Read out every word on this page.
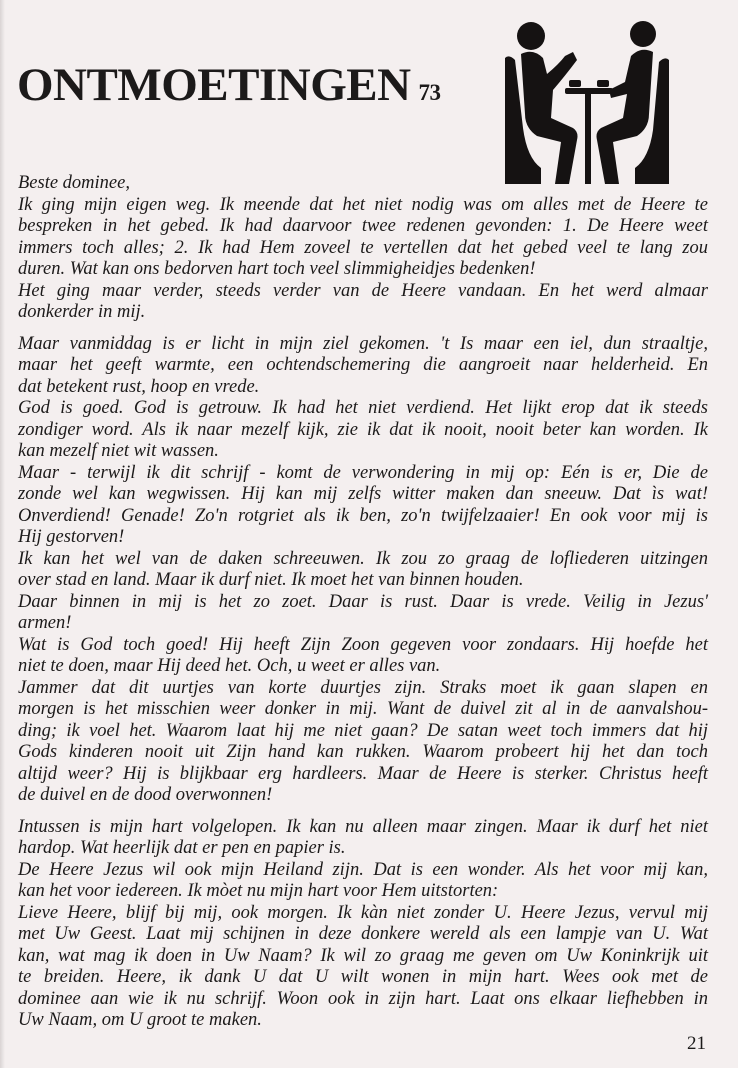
ONTMOETINGEN 73
Beste dominee,
Ik ging mijn eigen weg. Ik meende dat het niet nodig was om alles met de Heere te
bespreken in het gebed. Ik had daarvoor twee redenen gevonden: 1. De Heere weet
immers toch alles; 2. Ik had Hem zoveel te vertellen dat het gebed veel te lang zou
duren. Wat kan ons bedorven hart toch veel slimmigheidjes bedenken!
Het ging maar verder, steeds verder van de Heere vandaan. En het werd almaar
donkerder in mij.
Maar vanmiddag is er licht in mijn ziel gekomen. 't Is maar een iel, dun straaltje,
maar het geeft warmte, een ochtendschemering die aangroeit naar helderheid. En
dat betekent rust, hoop en vrede.
God is goed. God is getrouw. Ik had het niet verdiend. Het lijkt erop dat ik steeds
zondiger word. Als ik naar mezelf kijk, zie ik dat ik nooit, nooit beter kan worden. Ik
kan mezelf niet wit wassen.
Maar - terwijl ik dit schrijf - komt de verwondering in mij op: Eén is er, Die de
zonde wel kan wegwissen. Hij kan mij zelfs witter maken dan sneeuw. Dat ìs wat!
Onverdiend! Genade! Zo'n rotgriet als ik ben, zo'n twijfelzaaier! En ook voor mij is
Hij gestorven!
Ik kan het wel van de daken schreeuwen. Ik zou zo graag de lofliederen uitzingen
over stad en land. Maar ik durf niet. Ik moet het van binnen houden.
Daar binnen in mij is het zo zoet. Daar is rust. Daar is vrede. Veilig in Jezus'
armen!
Wat is God toch goed! Hij heeft Zijn Zoon gegeven voor zondaars. Hij hoefde het
niet te doen, maar Hij deed het. Och, u weet er alles van.
Jammer dat dit uurtjes van korte duurtjes zijn. Straks moet ik gaan slapen en
morgen is het misschien weer donker in mij. Want de duivel zit al in de aanvalshou-
ding; ik voel het. Waarom laat hij me niet gaan? De satan weet toch immers dat hij
Gods kinderen nooit uit Zijn hand kan rukken. Waarom probeert hij het dan toch
altijd weer? Hij is blijkbaar erg hardleers. Maar de Heere is sterker. Christus heeft
de duivel en de dood overwonnen!
Intussen is mijn hart volgelopen. Ik kan nu alleen maar zingen. Maar ik durf het niet
hardop. Wat heerlijk dat er pen en papier is.
De Heere Jezus wil ook mijn Heiland zijn. Dat is een wonder. Als het voor mij kan,
kan het voor iedereen. Ik mòet nu mijn hart voor Hem uitstorten:
Lieve Heere, blijf bij mij, ook morgen. Ik kàn niet zonder U. Heere Jezus, vervul mij
met Uw Geest. Laat mij schijnen in deze donkere wereld als een lampje van U. Wat
kan, wat mag ik doen in Uw Naam? Ik wil zo graag me geven om Uw Koninkrijk uit
te breiden. Heere, ik dank U dat U wilt wonen in mijn hart. Wees ook met de
dominee aan wie ik nu schrijf. Woon ook in zijn hart. Laat ons elkaar liefhebben in
Uw Naam, om U groot te maken.
21
